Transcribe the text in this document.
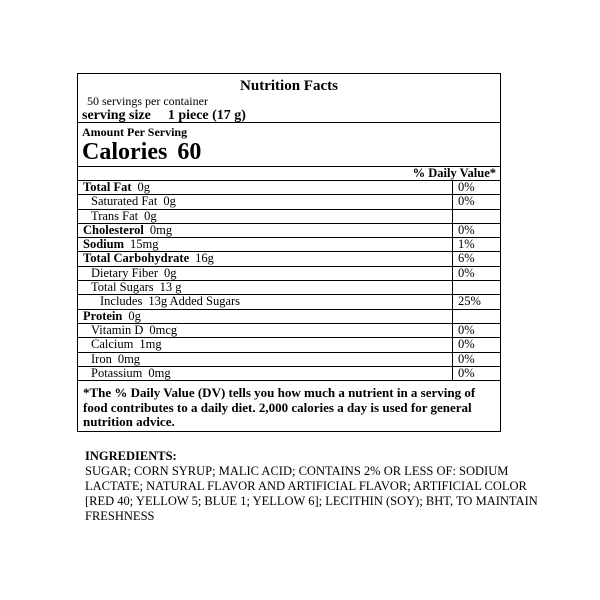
Nutrition Facts
50 servings per container
serving size 1 piece (17 g)
Amount Per Serving
Calories 60
% Daily Value*
Total Fat 0g	0%
Saturated Fat 0g	0%
Trans Fat 0g
Cholesterol 0mg	0%
Sodium 15mg	1%
Total Carbohydrate 16g	6%
Dietary Fiber 0g	0%
Total Sugars 13 g
Includes 13g Added Sugars	25%
Protein 0g
Vitamin D 0mcg	0%
Calcium 1mg	0%
Iron 0mg	0%
Potassium 0mg	0%
*The % Daily Value (DV) tells you how much a nutrient in a serving of food contributes to a daily diet. 2,000 calories a day is used for general nutrition advice.
INGREDIENTS:
SUGAR; CORN SYRUP; MALIC ACID; CONTAINS 2% OR LESS OF: SODIUM LACTATE; NATURAL FLAVOR AND ARTIFICIAL FLAVOR; ARTIFICIAL COLOR [RED 40; YELLOW 5; BLUE 1; YELLOW 6]; LECITHIN (SOY); BHT, TO MAINTAIN FRESHNESS
